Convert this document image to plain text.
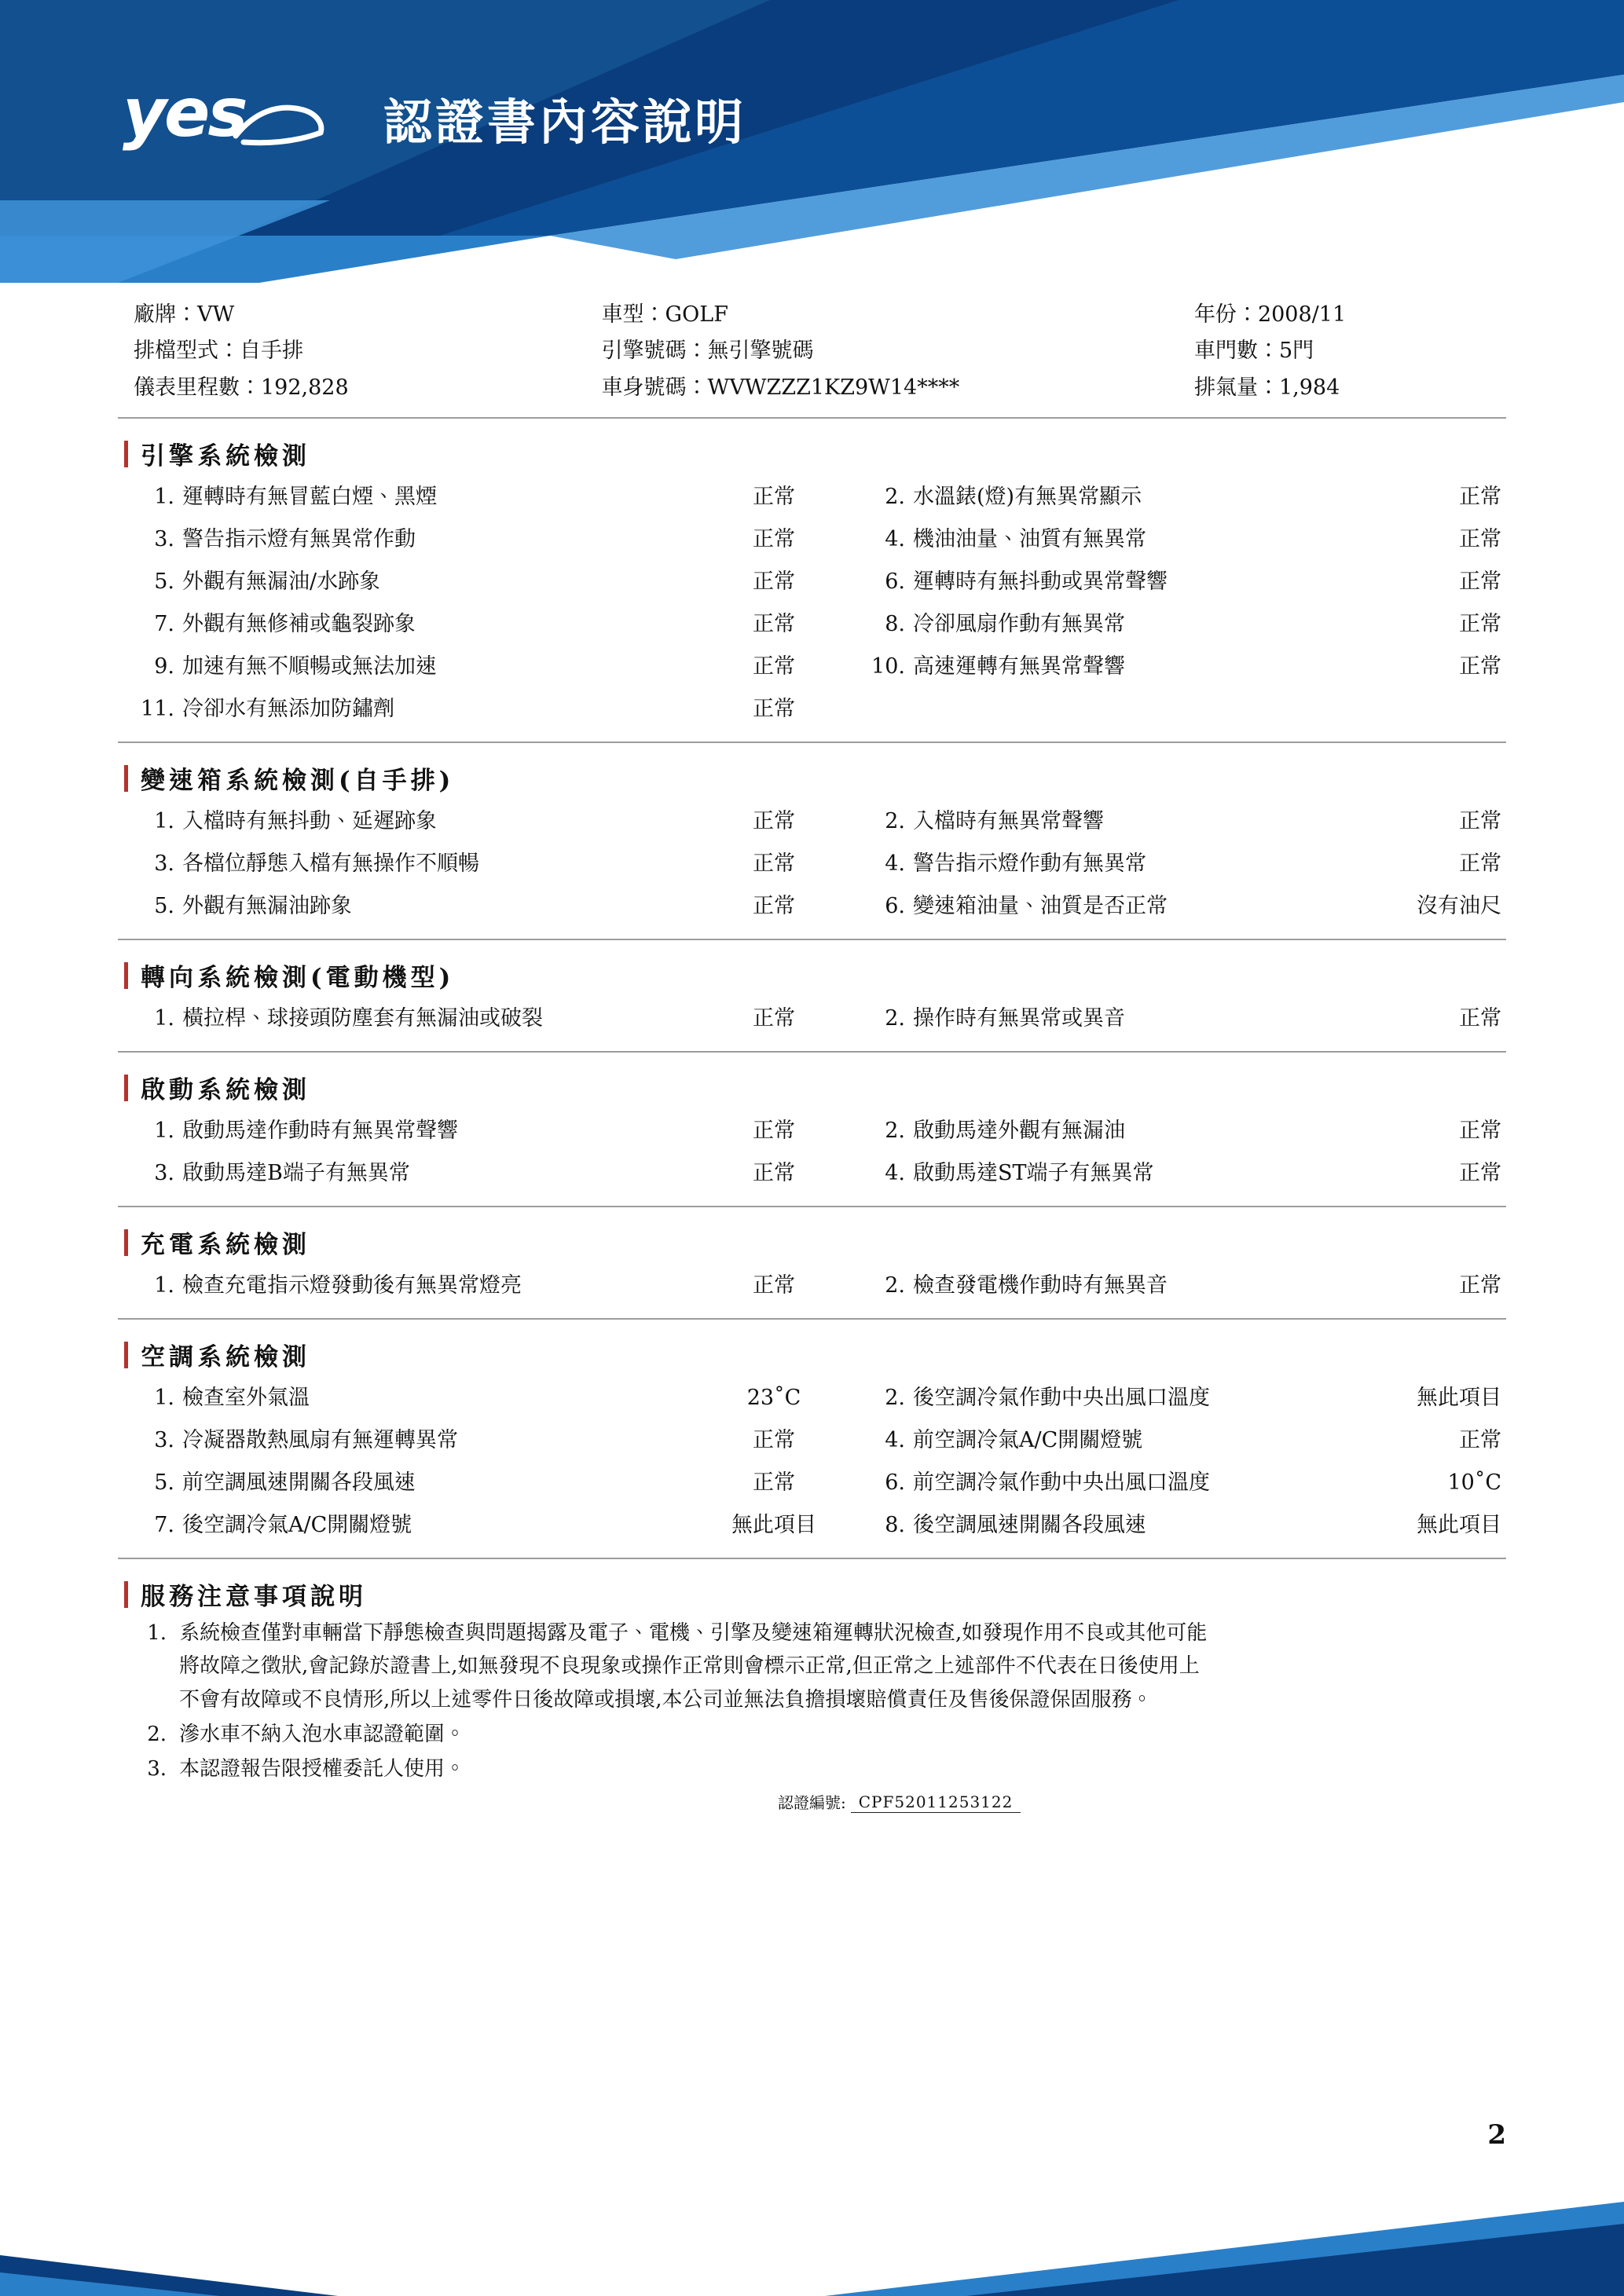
yes	認證書內容說明
廠牌：VW
排檔型式：自手排
儀表里程數：192,828
車型：GOLF
引擎號碼：無引擎號碼
車身號碼：WVWZZZ1KZ9W14****
年份：2008/11
車門數：5門
排氣量：1,984
引擎系統檢測
1. 運轉時有無冒藍白煙、黑煙	正常	2. 水溫錶(燈)有無異常顯示	正常
3. 警告指示燈有無異常作動	正常	4. 機油油量、油質有無異常	正常
5. 外觀有無漏油/水跡象	正常	6. 運轉時有無抖動或異常聲響	正常
7. 外觀有無修補或龜裂跡象	正常	8. 冷卻風扇作動有無異常	正常
9. 加速有無不順暢或無法加速	正常	10. 高速運轉有無異常聲響	正常
11. 冷卻水有無添加防鏽劑	正常
變速箱系統檢測(自手排)
1. 入檔時有無抖動、延遲跡象	正常	2. 入檔時有無異常聲響	正常
3. 各檔位靜態入檔有無操作不順暢	正常	4. 警告指示燈作動有無異常	正常
5. 外觀有無漏油跡象	正常	6. 變速箱油量、油質是否正常	沒有油尺
轉向系統檢測(電動機型)
1. 橫拉桿、球接頭防塵套有無漏油或破裂	正常	2. 操作時有無異常或異音	正常
啟動系統檢測
1. 啟動馬達作動時有無異常聲響	正常	2. 啟動馬達外觀有無漏油	正常
3. 啟動馬達B端子有無異常	正常	4. 啟動馬達ST端子有無異常	正常
充電系統檢測
1. 檢查充電指示燈發動後有無異常燈亮	正常	2. 檢查發電機作動時有無異音	正常
空調系統檢測
1. 檢查室外氣溫	23˚C	2. 後空調冷氣作動中央出風口溫度	無此項目
3. 冷凝器散熱風扇有無運轉異常	正常	4. 前空調冷氣A/C開關燈號	正常
5. 前空調風速開關各段風速	正常	6. 前空調冷氣作動中央出風口溫度	10˚C
7. 後空調冷氣A/C開關燈號	無此項目	8. 後空調風速開關各段風速	無此項目
服務注意事項說明
1. 系統檢查僅對車輛當下靜態檢查與問題揭露及電子、電機、引擎及變速箱運轉狀況檢查,如發現作用不良或其他可能
將故障之徵狀,會記錄於證書上,如無發現不良現象或操作正常則會標示正常,但正常之上述部件不代表在日後使用上
不會有故障或不良情形,所以上述零件日後故障或損壞,本公司並無法負擔損壞賠償責任及售後保證保固服務。
2. 滲水車不納入泡水車認證範圍。
3. 本認證報告限授權委託人使用。
認證編號: CPF52011253122
2
